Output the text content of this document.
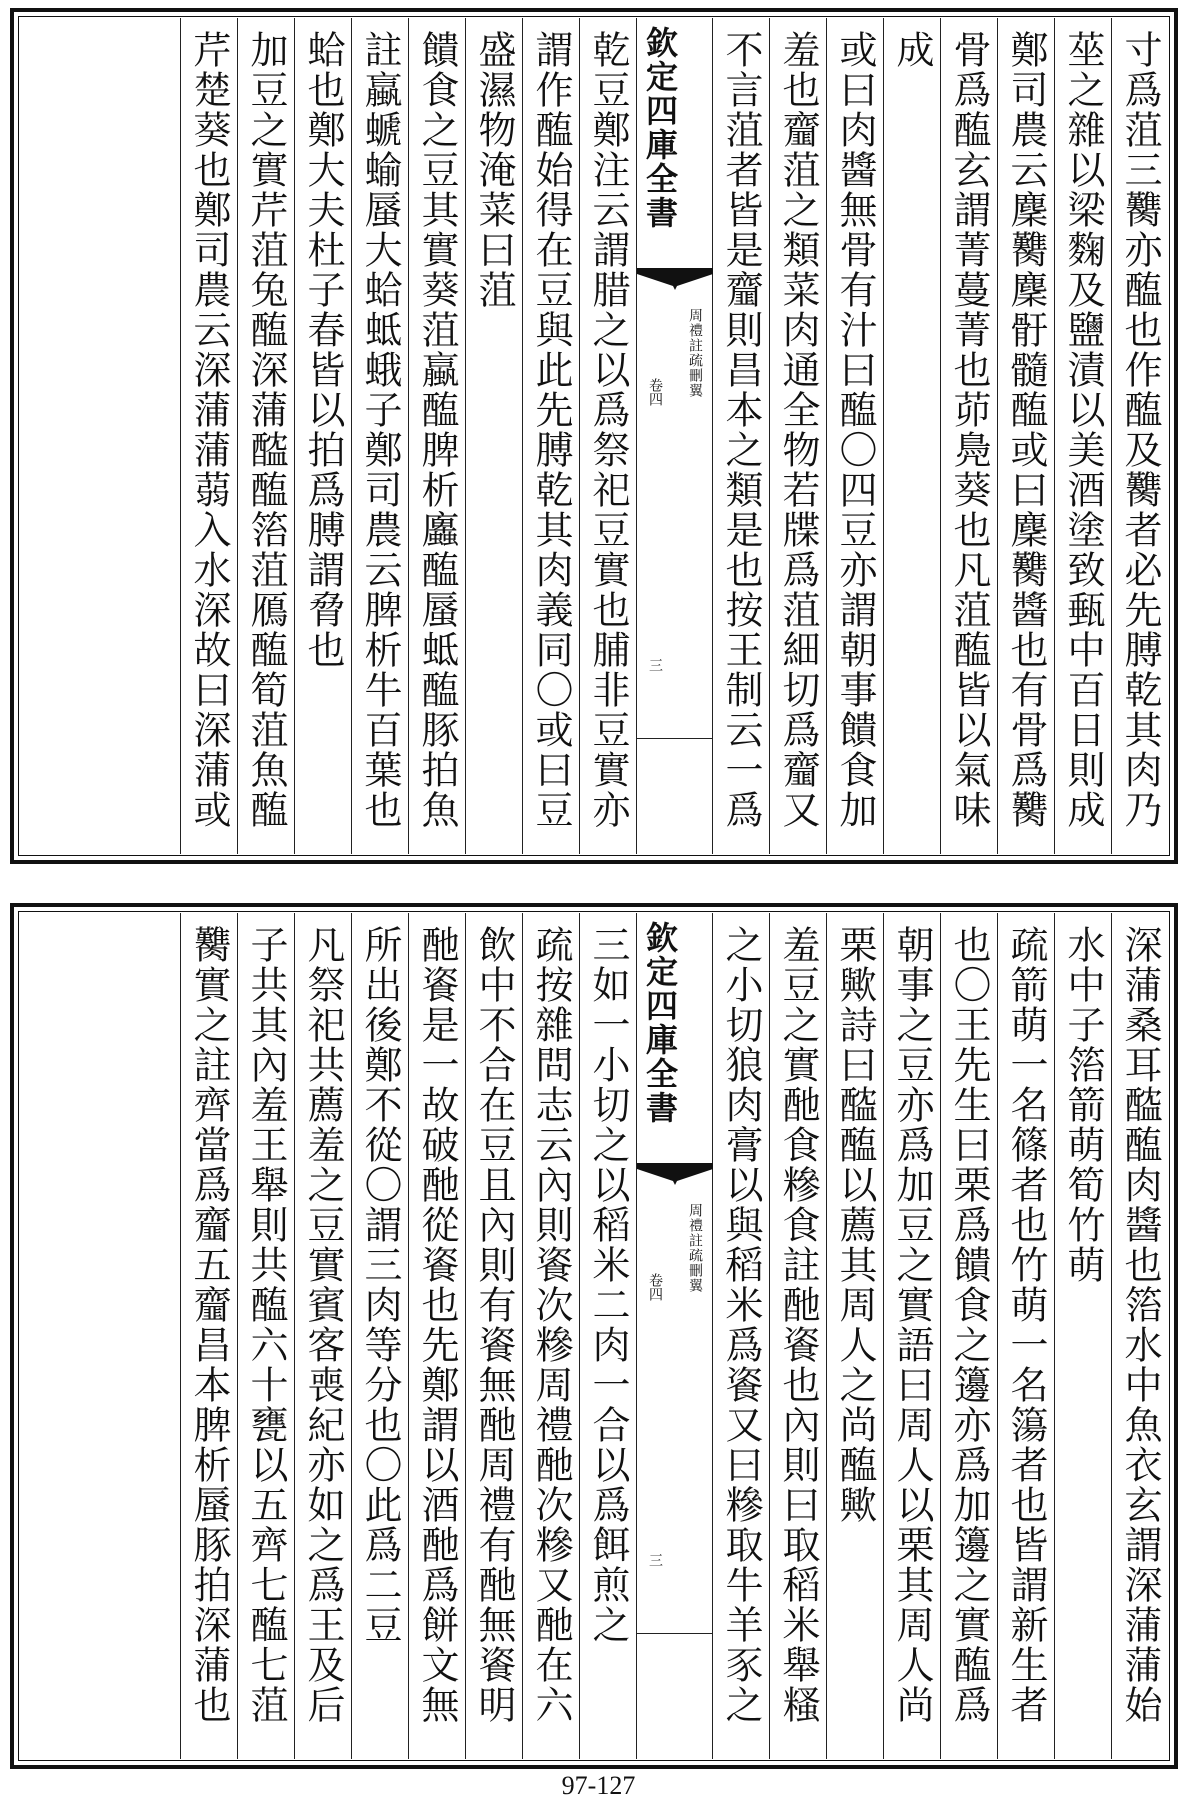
寸爲菹三臡亦醢也作醢及臡者必先膊乾其肉乃
莝之雜以梁麴及鹽漬以美酒塗致甀中百日則成
鄭司農云麇臡麇骬髓醢或曰麇臡醬也有骨爲臡
骨爲醢玄謂菁蔓菁也茆鳧葵也凡菹醢皆以氣味
成
或曰肉醬無骨有汁曰醢〇四豆亦謂朝事饋食加
羞也齏菹之類菜肉通全物若牒爲菹細切爲齏又
不言菹者皆是齏則昌本之類是也按王制云一爲
欽定四庫全書
周禮註疏刪翼
卷四
三
乾豆鄭注云謂腊之以爲祭祀豆實也脯非豆實亦
謂作醢始得在豆與此先膊乾其肉義同〇或曰豆
盛濕物淹菜曰菹
饋食之豆其實葵菹蠃醢脾析蠯醢蜃蚳醢豚拍魚
註蠃螔蝓蜃大蛤蚳蛾子鄭司農云脾析牛百葉也
蛤也鄭大夫杜子春皆以拍爲膊謂脅也
加豆之實芹菹兔醢深蒲醓醢箈菹鴈醢筍菹魚醢
芹楚葵也鄭司農云深蒲蒲蒻入水深故曰深蒲或
深蒲桑耳醓醢肉醬也箈水中魚衣玄謂深蒲蒲始
水中子箈箭萌筍竹萌
疏箭萌一名篠者也竹萌一名簜者也皆謂新生者
也〇王先生曰栗爲饋食之籩亦爲加籩之實醢爲
朝事之豆亦爲加豆之實語曰周人以栗其周人尚
栗歟詩曰醓醢以薦其周人之尚醢歟
羞豆之實酏食糝食註酏餈也內則曰取稻米舉糔
之小切狼肉膏以與稻米爲餈又曰糝取牛羊豕之
欽定四庫全書
周禮註疏刪翼
卷四
三
三如一小切之以稻米二肉一合以爲餌煎之
疏按雜問志云內則餈次糝周禮酏次糝又酏在六
飲中不合在豆且內則有餈無酏周禮有酏無餈明
酏餈是一故破酏從餈也先鄭謂以酒酏爲餅文無
所出後鄭不從〇謂三肉等分也〇此爲二豆
凡祭祀共薦羞之豆實賓客喪紀亦如之爲王及后
子共其內羞王舉則共醢六十甕以五齊七醢七菹
臡實之註齊當爲齏五齏昌本脾析蜃豚拍深蒲也
97-127
